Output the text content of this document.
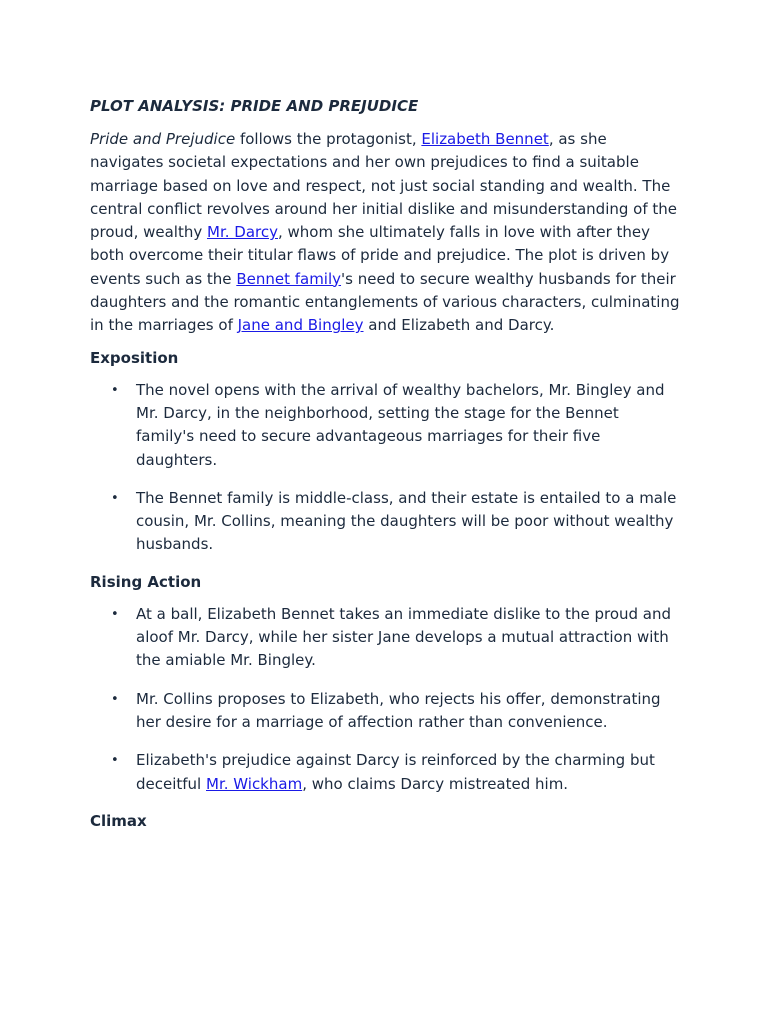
PLOT ANALYSIS: PRIDE AND PREJUDICE

Pride and Prejudice follows the protagonist, Elizabeth Bennet, as she navigates societal expectations and her own prejudices to find a suitable marriage based on love and respect, not just social standing and wealth. The central conflict revolves around her initial dislike and misunderstanding of the proud, wealthy Mr. Darcy, whom she ultimately falls in love with after they both overcome their titular flaws of pride and prejudice. The plot is driven by events such as the Bennet family's need to secure wealthy husbands for their daughters and the romantic entanglements of various characters, culminating in the marriages of Jane and Bingley and Elizabeth and Darcy.

Exposition
• The novel opens with the arrival of wealthy bachelors, Mr. Bingley and Mr. Darcy, in the neighborhood, setting the stage for the Bennet family's need to secure advantageous marriages for their five daughters.
• The Bennet family is middle-class, and their estate is entailed to a male cousin, Mr. Collins, meaning the daughters will be poor without wealthy husbands.
Rising Action
• At a ball, Elizabeth Bennet takes an immediate dislike to the proud and aloof Mr. Darcy, while her sister Jane develops a mutual attraction with the amiable Mr. Bingley.
• Mr. Collins proposes to Elizabeth, who rejects his offer, demonstrating her desire for a marriage of affection rather than convenience.
• Elizabeth's prejudice against Darcy is reinforced by the charming but deceitful Mr. Wickham, who claims Darcy mistreated him.
Climax
